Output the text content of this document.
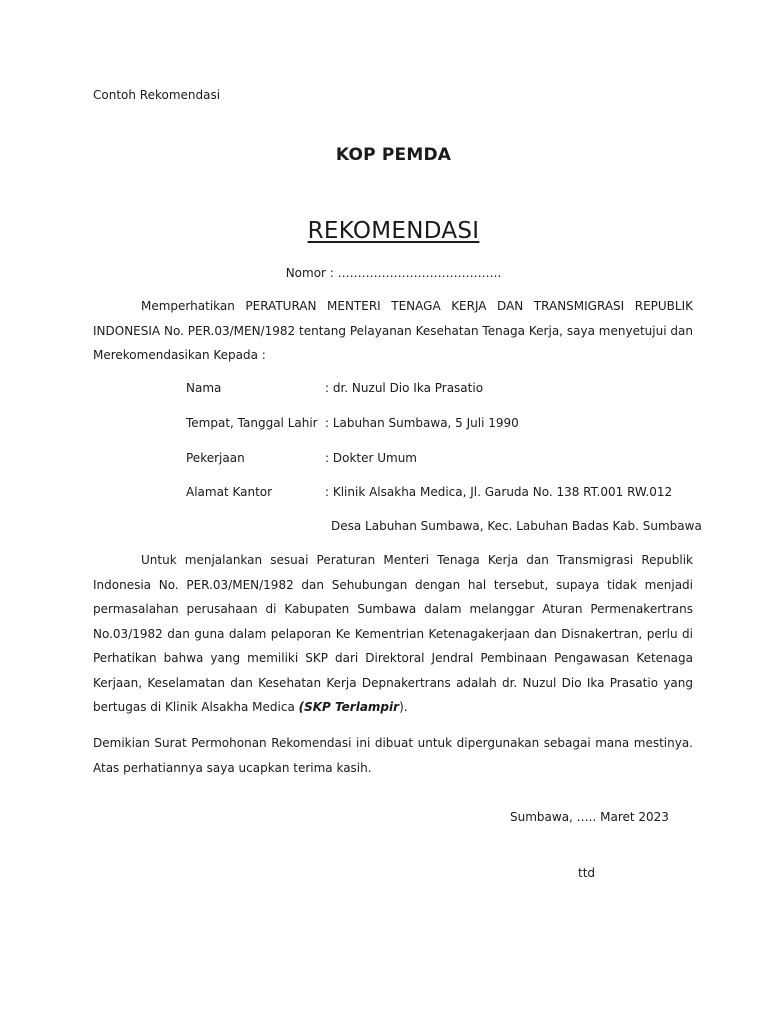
Contoh Rekomendasi
KOP PEMDA
REKOMENDASI
Nomor : …………………………………..
Memperhatikan PERATURAN MENTERI TENAGA KERJA DAN TRANSMIGRASI REPUBLIK INDONESIA No. PER.03/MEN/1982 tentang Pelayanan Kesehatan Tenaga Kerja, saya menyetujui dan Merekomendasikan Kepada :
Nama	: dr. Nuzul Dio Ika Prasatio
Tempat, Tanggal Lahir : Labuhan Sumbawa, 5 Juli 1990
Pekerjaan	: Dokter Umum
Alamat Kantor	: Klinik Alsakha Medica, Jl. Garuda No. 138 RT.001 RW.012
Desa Labuhan Sumbawa, Kec. Labuhan Badas Kab. Sumbawa
Untuk menjalankan sesuai Peraturan Menteri Tenaga Kerja dan Transmigrasi Republik Indonesia No. PER.03/MEN/1982 dan Sehubungan dengan hal tersebut, supaya tidak menjadi permasalahan perusahaan di Kabupaten Sumbawa dalam melanggar Aturan Permenakertrans No.03/1982 dan guna dalam pelaporan Ke Kementrian Ketenagakerjaan dan Disnakertran, perlu di Perhatikan bahwa yang memiliki SKP dari Direktoral Jendral Pembinaan Pengawasan Ketenaga Kerjaan, Keselamatan dan Kesehatan Kerja Depnakertrans adalah dr. Nuzul Dio Ika Prasatio yang bertugas di Klinik Alsakha Medica (SKP Terlampir).
Demikian Surat Permohonan Rekomendasi ini dibuat untuk dipergunakan sebagai mana mestinya. Atas perhatiannya saya ucapkan terima kasih.
Sumbawa, ….. Maret 2023
ttd
